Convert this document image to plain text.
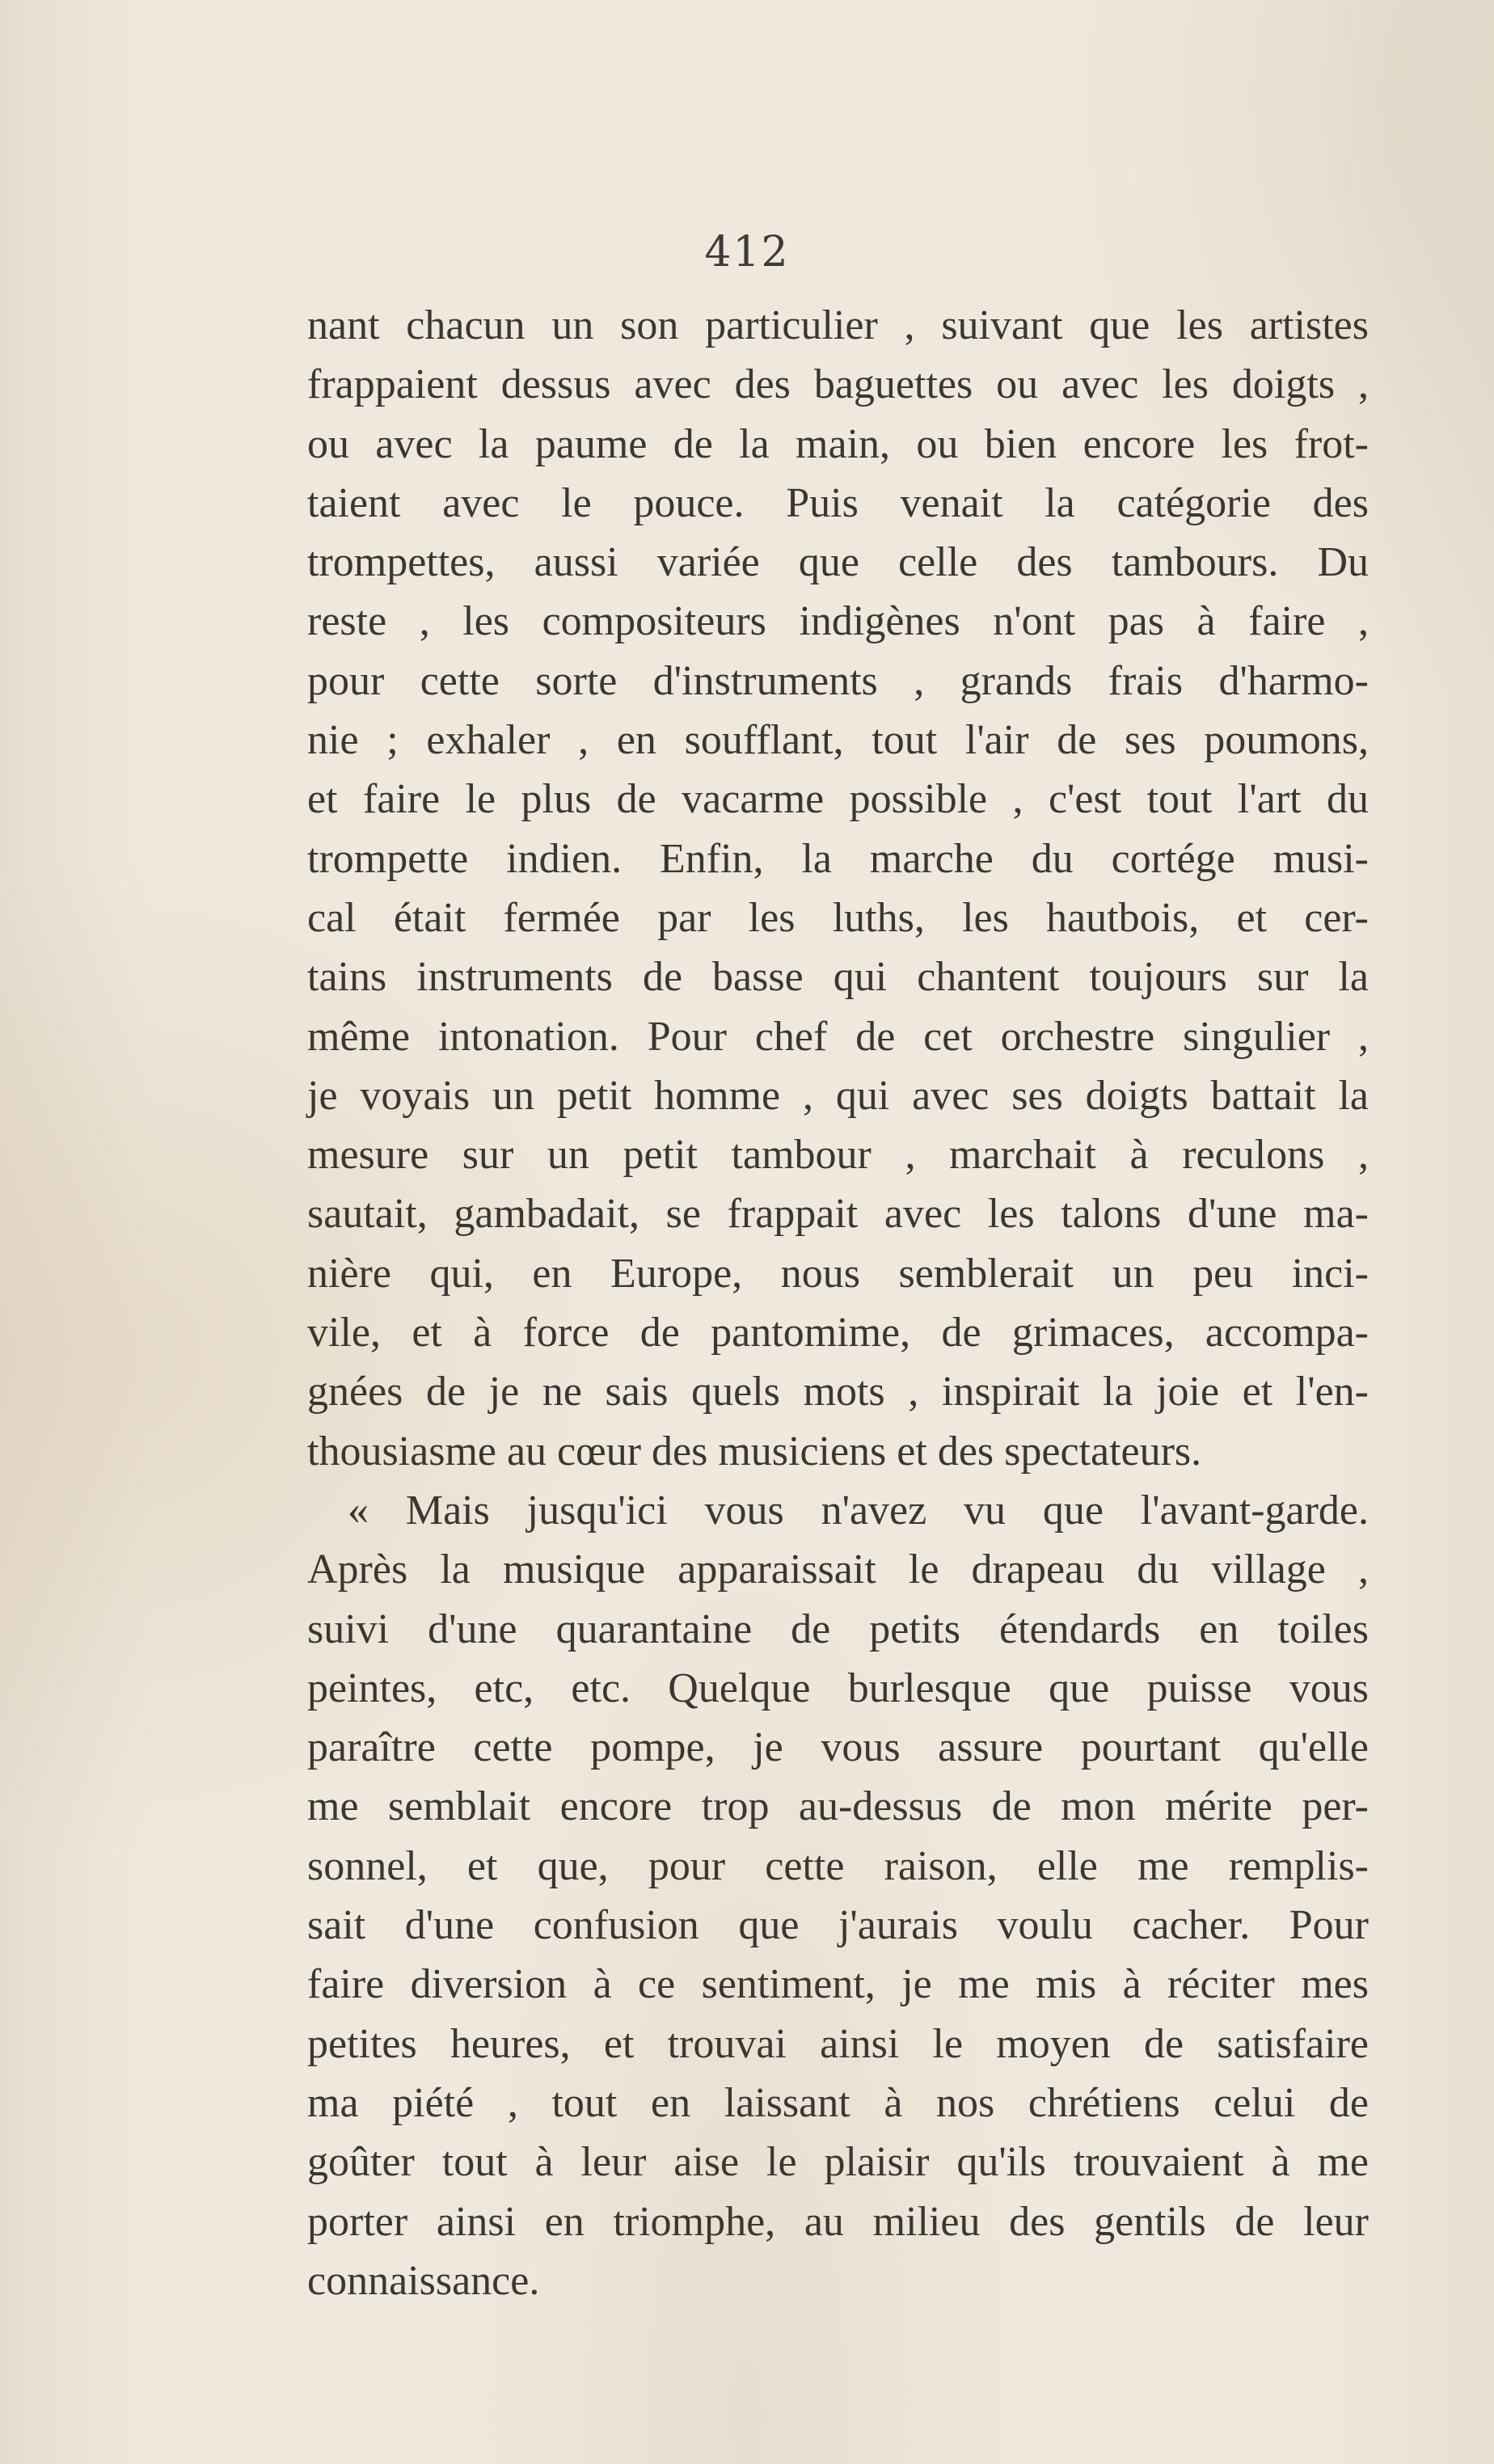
412
nant chacun un son particulier , suivant que les artistes
frappaient dessus avec des baguettes ou avec les doigts ,
ou avec la paume de la main, ou bien encore les frot-
taient avec le pouce. Puis venait la catégorie des
trompettes, aussi variée que celle des tambours. Du
reste , les compositeurs indigènes n'ont pas à faire ,
pour cette sorte d'instruments , grands frais d'harmo-
nie ; exhaler , en soufflant, tout l'air de ses poumons,
et faire le plus de vacarme possible , c'est tout l'art du
trompette indien. Enfin, la marche du cortége musi-
cal était fermée par les luths, les hautbois, et cer-
tains instruments de basse qui chantent toujours sur la
même intonation. Pour chef de cet orchestre singulier ,
je voyais un petit homme , qui avec ses doigts battait la
mesure sur un petit tambour , marchait à reculons ,
sautait, gambadait, se frappait avec les talons d'une ma-
nière qui, en Europe, nous semblerait un peu inci-
vile, et à force de pantomime, de grimaces, accompa-
gnées de je ne sais quels mots , inspirait la joie et l'en-
thousiasme au cœur des musiciens et des spectateurs.
« Mais jusqu'ici vous n'avez vu que l'avant-garde.
Après la musique apparaissait le drapeau du village ,
suivi d'une quarantaine de petits étendards en toiles
peintes, etc, etc. Quelque burlesque que puisse vous
paraître cette pompe, je vous assure pourtant qu'elle
me semblait encore trop au-dessus de mon mérite per-
sonnel, et que, pour cette raison, elle me remplis-
sait d'une confusion que j'aurais voulu cacher. Pour
faire diversion à ce sentiment, je me mis à réciter mes
petites heures, et trouvai ainsi le moyen de satisfaire
ma piété , tout en laissant à nos chrétiens celui de
goûter tout à leur aise le plaisir qu'ils trouvaient à me
porter ainsi en triomphe, au milieu des gentils de leur
connaissance.
